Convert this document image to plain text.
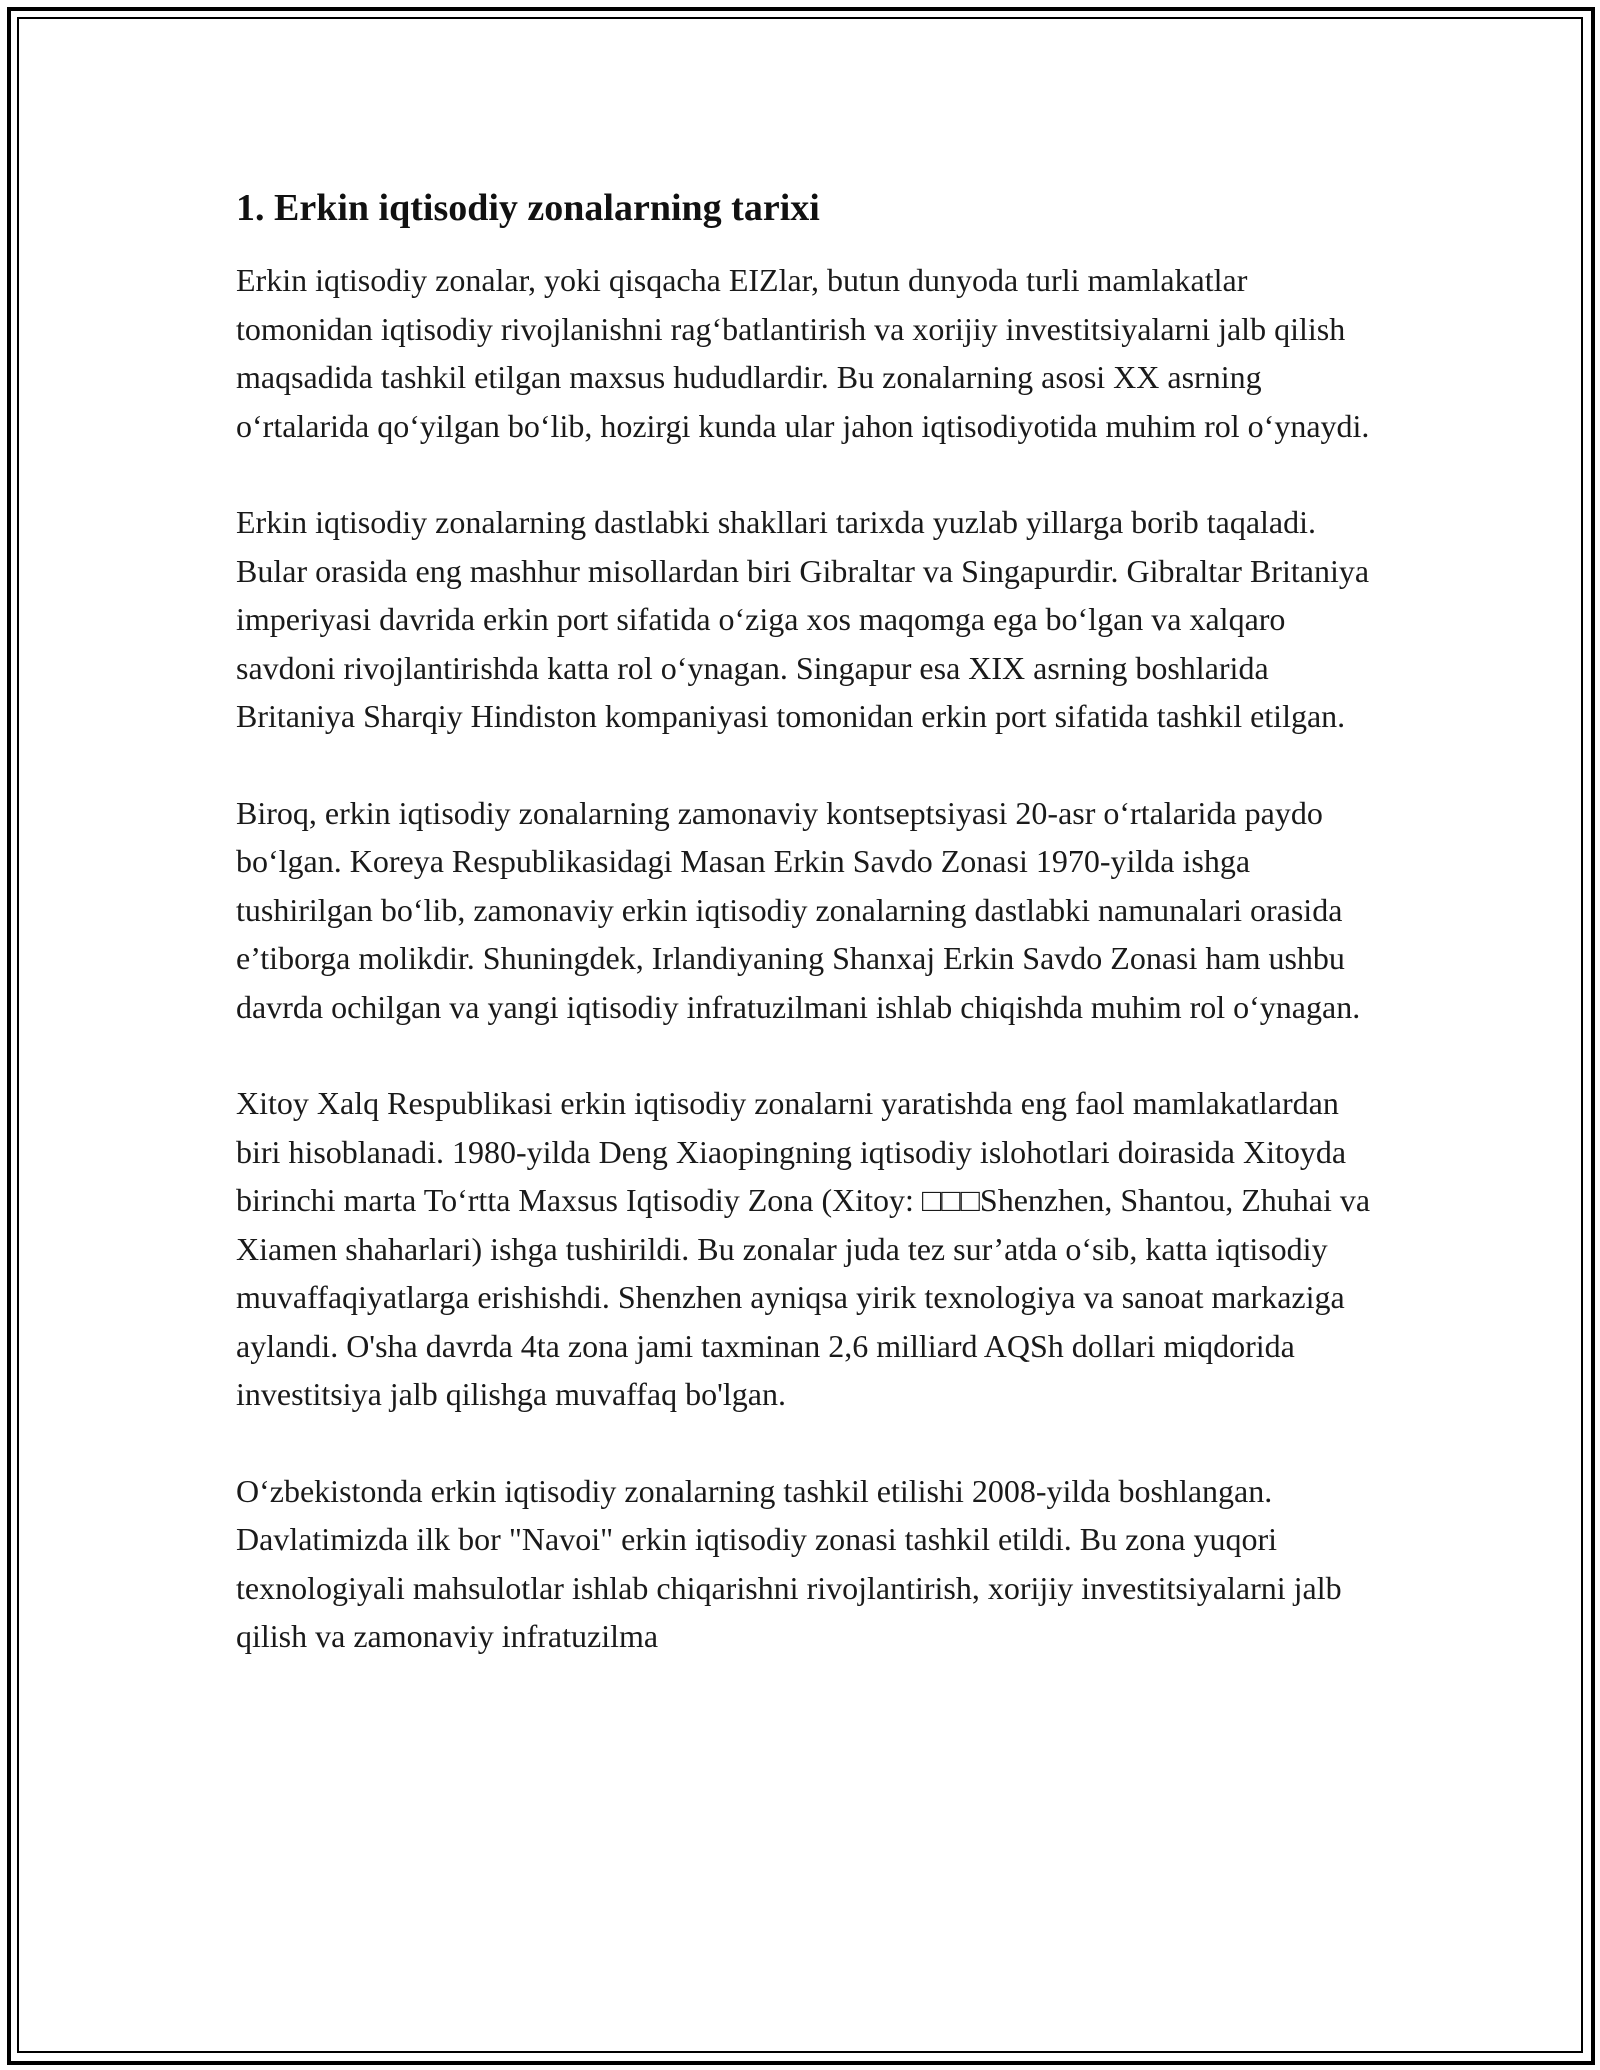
1. Erkin iqtisodiy zonalarning tarixi

Erkin iqtisodiy zonalar, yoki qisqacha EIZlar, butun dunyoda turli mamlakatlar tomonidan iqtisodiy rivojlanishni rag‘batlantirish va xorijiy investitsiyalarni jalb qilish maqsadida tashkil etilgan maxsus hududlardir. Bu zonalarning asosi XX asrning o‘rtalarida qo‘yilgan bo‘lib, hozirgi kunda ular jahon iqtisodiyotida muhim rol o‘ynaydi.

Erkin iqtisodiy zonalarning dastlabki shakllari tarixda yuzlab yillarga borib taqaladi. Bular orasida eng mashhur misollardan biri Gibraltar va Singapurdir. Gibraltar Britaniya imperiyasi davrida erkin port sifatida o‘ziga xos maqomga ega bo‘lgan va xalqaro savdoni rivojlantirishda katta rol o‘ynagan. Singapur esa XIX asrning boshlarida Britaniya Sharqiy Hindiston kompaniyasi tomonidan erkin port sifatida tashkil etilgan.

Biroq, erkin iqtisodiy zonalarning zamonaviy kontseptsiyasi 20-asr o‘rtalarida paydo bo‘lgan. Koreya Respublikasidagi Masan Erkin Savdo Zonasi 1970-yilda ishga tushirilgan bo‘lib, zamonaviy erkin iqtisodiy zonalarning dastlabki namunalari orasida e’tiborga molikdir. Shuningdek, Irlandiyaning Shanxaj Erkin Savdo Zonasi ham ushbu davrda ochilgan va yangi iqtisodiy infratuzilmani ishlab chiqishda muhim rol o‘ynagan.

Xitoy Xalq Respublikasi erkin iqtisodiy zonalarni yaratishda eng faol mamlakatlardan biri hisoblanadi. 1980-yilda Deng Xiaopingning iqtisodiy islohotlari doirasida Xitoyda birinchi marta To‘rtta Maxsus Iqtisodiy Zona (Xitoy: □□□Shenzhen, Shantou, Zhuhai va Xiamen shaharlari) ishga tushirildi. Bu zonalar juda tez sur’atda o‘sib, katta iqtisodiy muvaffaqiyatlarga erishishdi. Shenzhen ayniqsa yirik texnologiya va sanoat markaziga aylandi. O'sha davrda 4ta zona jami taxminan 2,6 milliard AQSh dollari miqdorida investitsiya jalb qilishga muvaffaq bo'lgan.

O‘zbekistonda erkin iqtisodiy zonalarning tashkil etilishi 2008-yilda boshlangan. Davlatimizda ilk bor "Navoi" erkin iqtisodiy zonasi tashkil etildi. Bu zona yuqori texnologiyali mahsulotlar ishlab chiqarishni rivojlantirish, xorijiy investitsiyalarni jalb qilish va zamonaviy infratuzilma
